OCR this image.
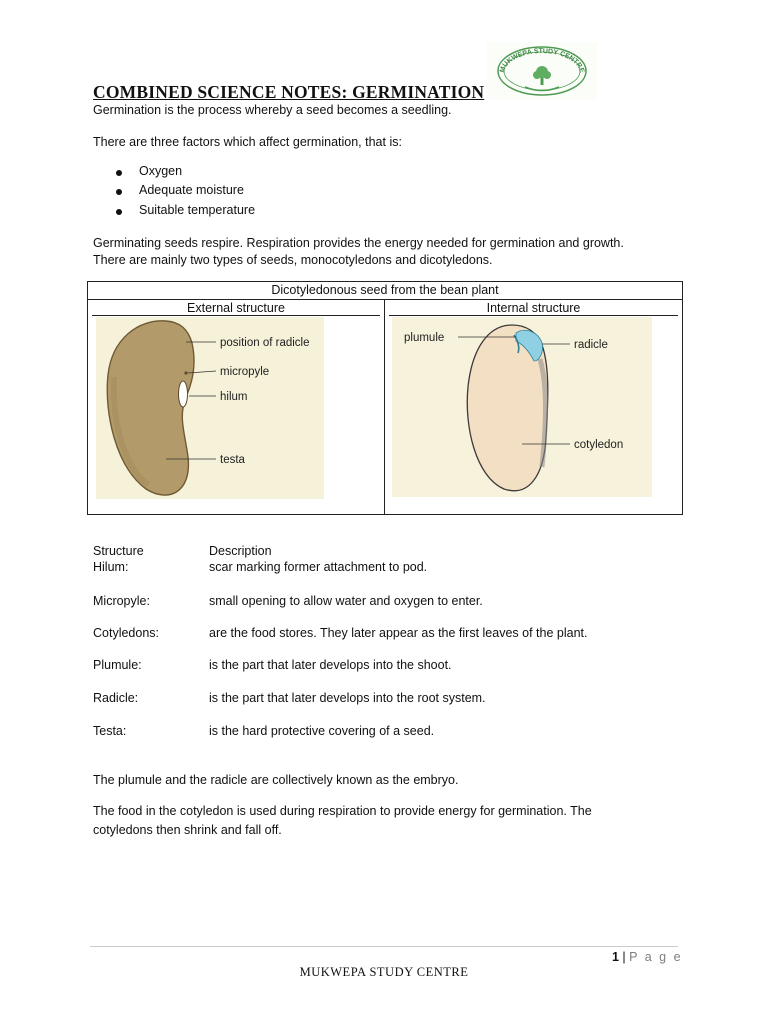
COMBINED SCIENCE NOTES: GERMINATION
MUKWEPA STUDY CENTRE
Germination is the process whereby a seed becomes a seedling.
There are three factors which affect germination, that is:
Oxygen
Adequate moisture
Suitable temperature
Germinating seeds respire. Respiration provides the energy needed for germination and growth.
There are mainly two types of seeds, monocotyledons and dicotyledons.
Dicotyledonous seed from the bean plant
External structure	Internal structure
position of radicle
micropyle
hilum
testa
plumule
radicle
cotyledon
Structure	Description
Hilum:	scar marking former attachment to pod.
Micropyle:	small opening to allow water and oxygen to enter.
Cotyledons:	are the food stores. They later appear as the first leaves of the plant.
Plumule:	is the part that later develops into the shoot.
Radicle:	is the part that later develops into the root system.
Testa:	is the hard protective covering of a seed.
The plumule and the radicle are collectively known as the embryo.
The food in the cotyledon is used during respiration to provide energy for germination. The
cotyledons then shrink and fall off.
1 | P a g e
MUKWEPA STUDY CENTRE
